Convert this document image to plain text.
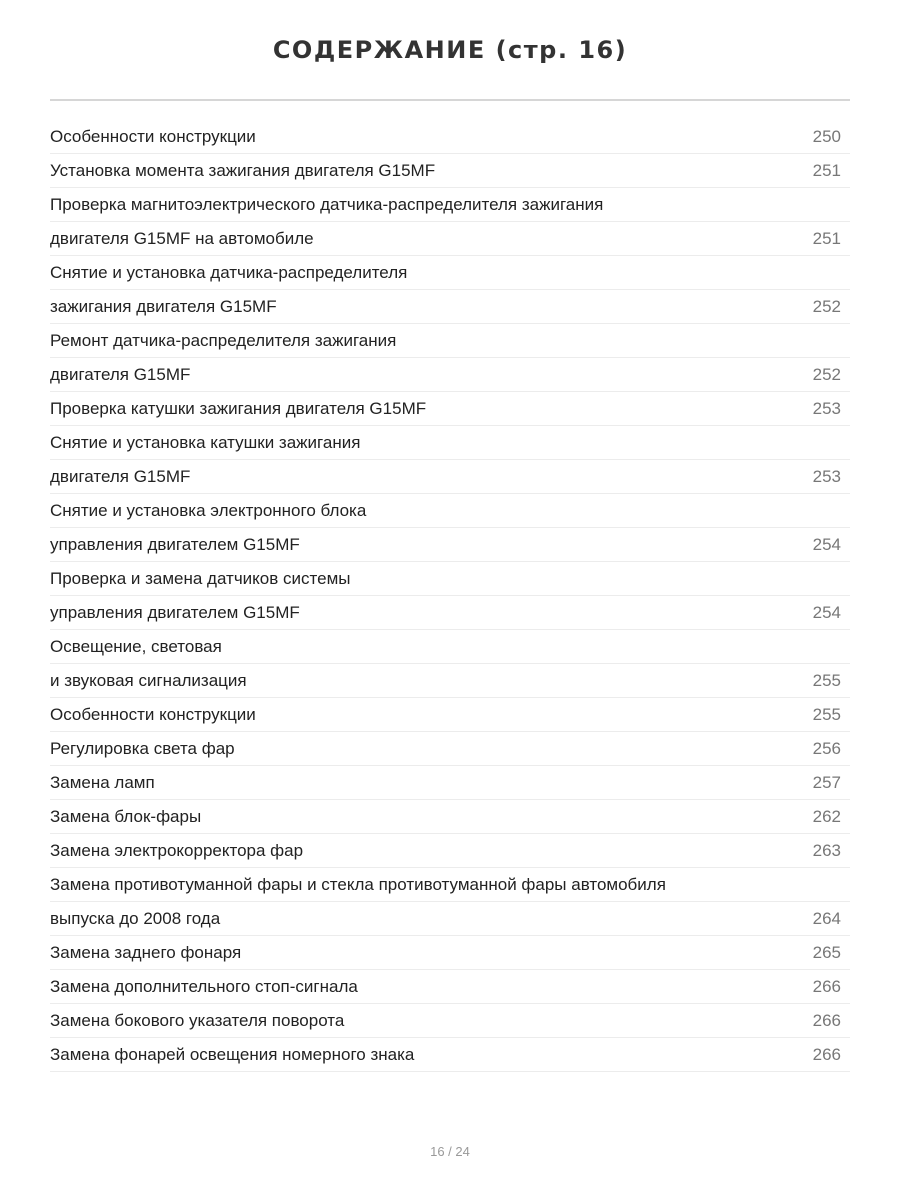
СОДЕРЖАНИЕ (стр. 16)
Особенности конструкции	250
Установка момента зажигания двигателя G15MF	251
Проверка магнитоэлектрического датчика-распределителя зажигания
двигателя G15MF на автомобиле	251
Снятие и установка датчика-распределителя
зажигания двигателя G15MF	252
Ремонт датчика-распределителя зажигания
двигателя G15MF	252
Проверка катушки зажигания двигателя G15MF	253
Снятие и установка катушки зажигания
двигателя G15MF	253
Снятие и установка электронного блока
управления двигателем G15MF	254
Проверка и замена датчиков системы
управления двигателем G15MF	254
Освещение, световая
и звуковая сигнализация	255
Особенности конструкции	255
Регулировка света фар	256
Замена ламп	257
Замена блок-фары	262
Замена электрокорректора фар	263
Замена противотуманной фары и стекла противотуманной фары автомобиля
выпуска до 2008 года	264
Замена заднего фонаря	265
Замена дополнительного стоп-сигнала	266
Замена бокового указателя поворота	266
Замена фонарей освещения номерного знака	266
16 / 24
